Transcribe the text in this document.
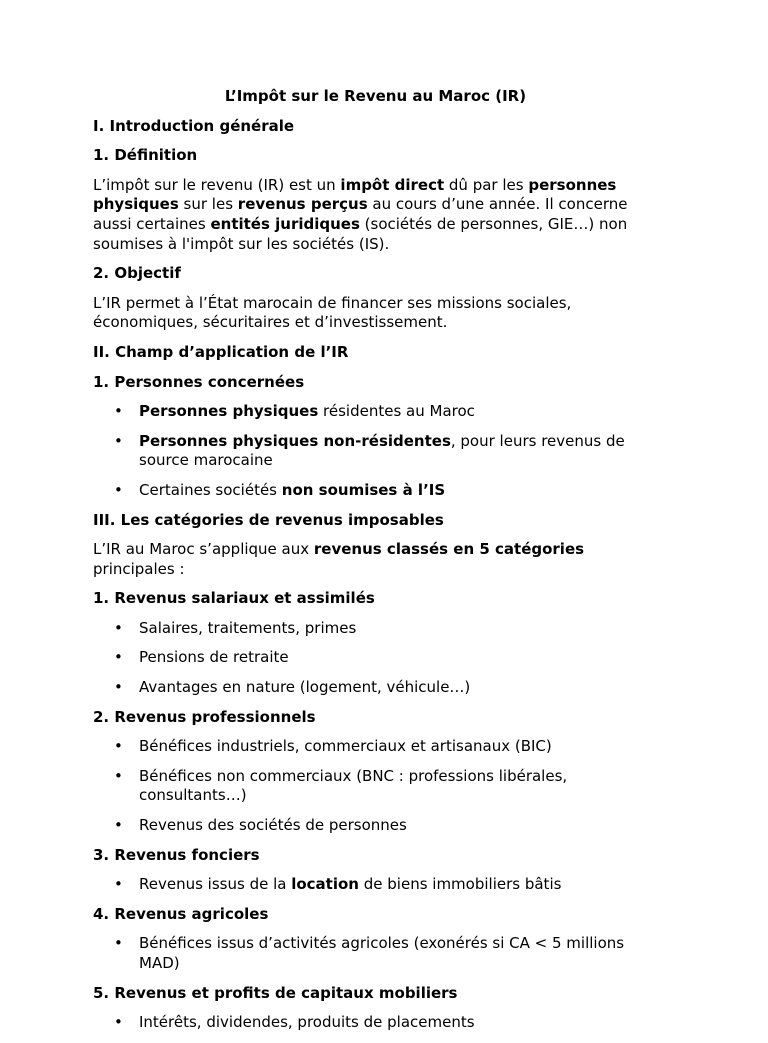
L’Impôt sur le Revenu au Maroc (IR)
I. Introduction générale
1. Définition

L’impôt sur le revenu (IR) est un impôt direct dû par les personnes physiques sur les revenus perçus au cours d’une année. Il concerne aussi certaines entités juridiques (sociétés de personnes, GIE…) non soumises à l'impôt sur les sociétés (IS).

2. Objectif

L’IR permet à l’État marocain de financer ses missions sociales, économiques, sécuritaires et d’investissement.

II. Champ d’application de l’IR
1. Personnes concernées
• Personnes physiques résidentes au Maroc
• Personnes physiques non-résidentes, pour leurs revenus de source marocaine
• Certaines sociétés non soumises à l’IS
III. Les catégories de revenus imposables

L’IR au Maroc s’applique aux revenus classés en 5 catégories principales :

1. Revenus salariaux et assimilés
• Salaires, traitements, primes
• Pensions de retraite
• Avantages en nature (logement, véhicule…)
2. Revenus professionnels
• Bénéfices industriels, commerciaux et artisanaux (BIC)
• Bénéfices non commerciaux (BNC : professions libérales, consultants…)
• Revenus des sociétés de personnes
3. Revenus fonciers
• Revenus issus de la location de biens immobiliers bâtis
4. Revenus agricoles
• Bénéfices issus d’activités agricoles (exonérés si CA < 5 millions MAD)
5. Revenus et profits de capitaux mobiliers
• Intérêts, dividendes, produits de placements
